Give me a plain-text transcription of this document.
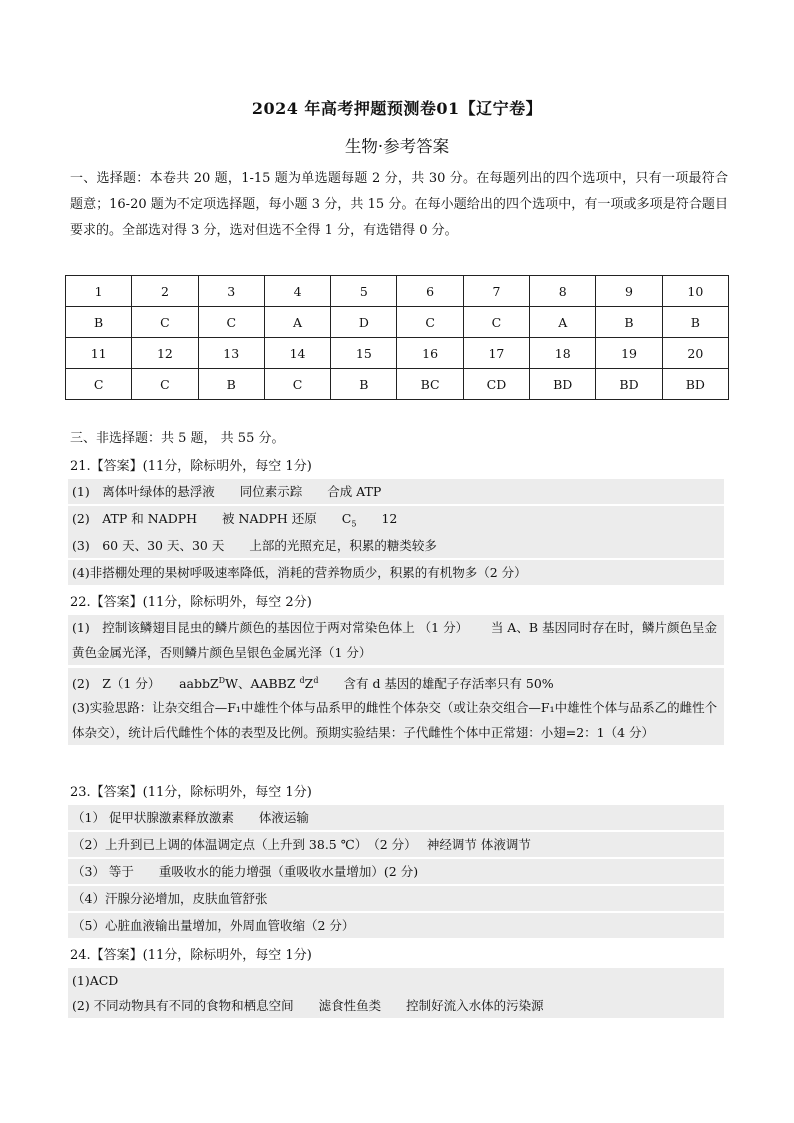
2024 年高考押题预测卷01【辽宁卷】
生物·参考答案
一、选择题：本卷共 20 题，1-15 题为单选题每题 2 分，共 30 分。在每题列出的四个选项中，只有一项最符合题意；16-20 题为不定项选择题，每小题 3 分，共 15 分。在每小题给出的四个选项中，有一项或多项是符合题目要求的。全部选对得 3 分，选对但选不全得 1 分，有选错得 0 分。
1	2	3	4	5	6	7	8	9	10
B	C	C	A	D	C	C	A	B	B
11	12	13	14	15	16	17	18	19	20
C	C	B	C	B	BC	CD	BD	BD	BD
三、非选择题：共 5 题， 共 55 分。
21.【答案】(11分，除标明外，每空 1分)
(1)　离体叶绿体的悬浮液　　同位素示踪　　合成 ATP
(2)　ATP 和 NADPH　　被 NADPH 还原　　$C_5$　　12
(3)　60 天、30 天、30 天　　上部的光照充足，积累的糖类较多
(4)非搭棚处理的果树呼吸速率降低，消耗的营养物质少，积累的有机物多（2 分）
22.【答案】(11分，除标明外，每空 2分)
(1)　控制该鳞翅目昆虫的鳞片颜色的基因位于两对常染色体上 （1 分）　　 当 A、B 基因同时存在时，鳞片颜色呈金黄色金属光泽，否则鳞片颜色呈银色金属光泽（1 分）
(2)　Z（1 分）　　aabbZ$^D$W、AABBZ $^dZ^d$　　含有 d 基因的雄配子存活率只有 50%
(3)实验思路：让杂交组合—F₁中雄性个体与品系甲的雌性个体杂交（或让杂交组合—F₁中雄性个体与品系乙的雌性个体杂交），统计后代雌性个体的表型及比例。预期实验结果：子代雌性个体中正常翅：小翅=2：1（4 分）
23.【答案】(11分，除标明外，每空 1分)
（1） 促甲状腺激素释放激素　　体液运输
（2）上升到已上调的体温调定点（上升到 38.5 ℃）　（2 分）　 神经调节 体液调节
（3） 等于　　重吸收水的能力增强（重吸收水量增加）(2 分)
（4）汗腺分泌增加，皮肤血管舒张
（5）心脏血液输出量增加，外周血管收缩（2 分）
24.【答案】(11分，除标明外，每空 1分)
(1)ACD
(2) 不同动物具有不同的食物和栖息空间　　滤食性鱼类　　控制好流入水体的污染源
